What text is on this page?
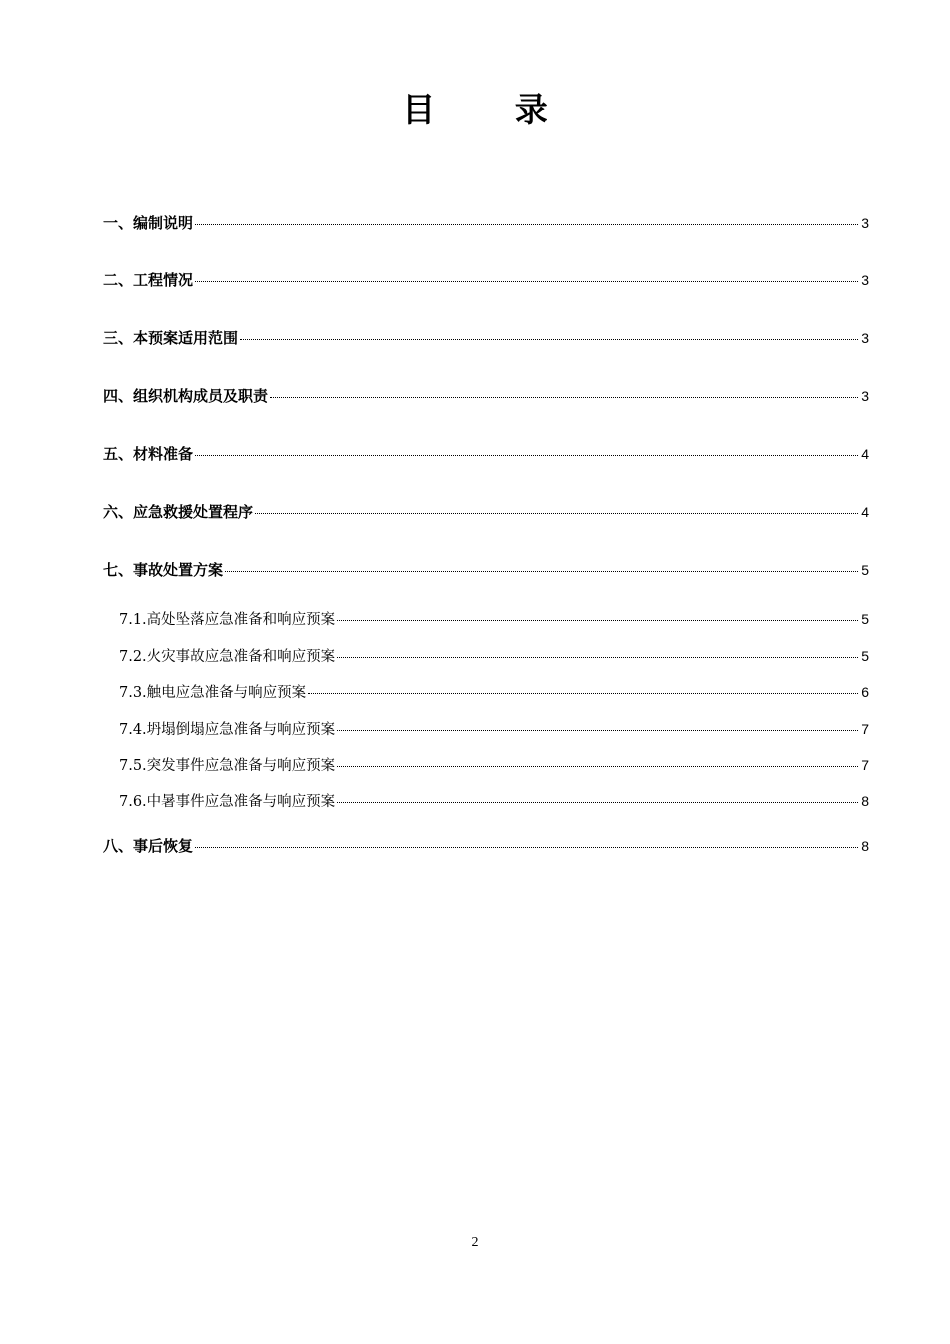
目 录
一、编制说明	3
二、工程情况	3
三、本预案适用范围	3
四、组织机构成员及职责	3
五、材料准备	4
六、应急救援处置程序	4
七、事故处置方案	5
7.1.高处坠落应急准备和响应预案	5
7.2.火灾事故应急准备和响应预案	5
7.3.触电应急准备与响应预案	6
7.4.坍塌倒塌应急准备与响应预案	7
7.5.突发事件应急准备与响应预案	7
7.6.中暑事件应急准备与响应预案	8
八、事后恢复	8
2
